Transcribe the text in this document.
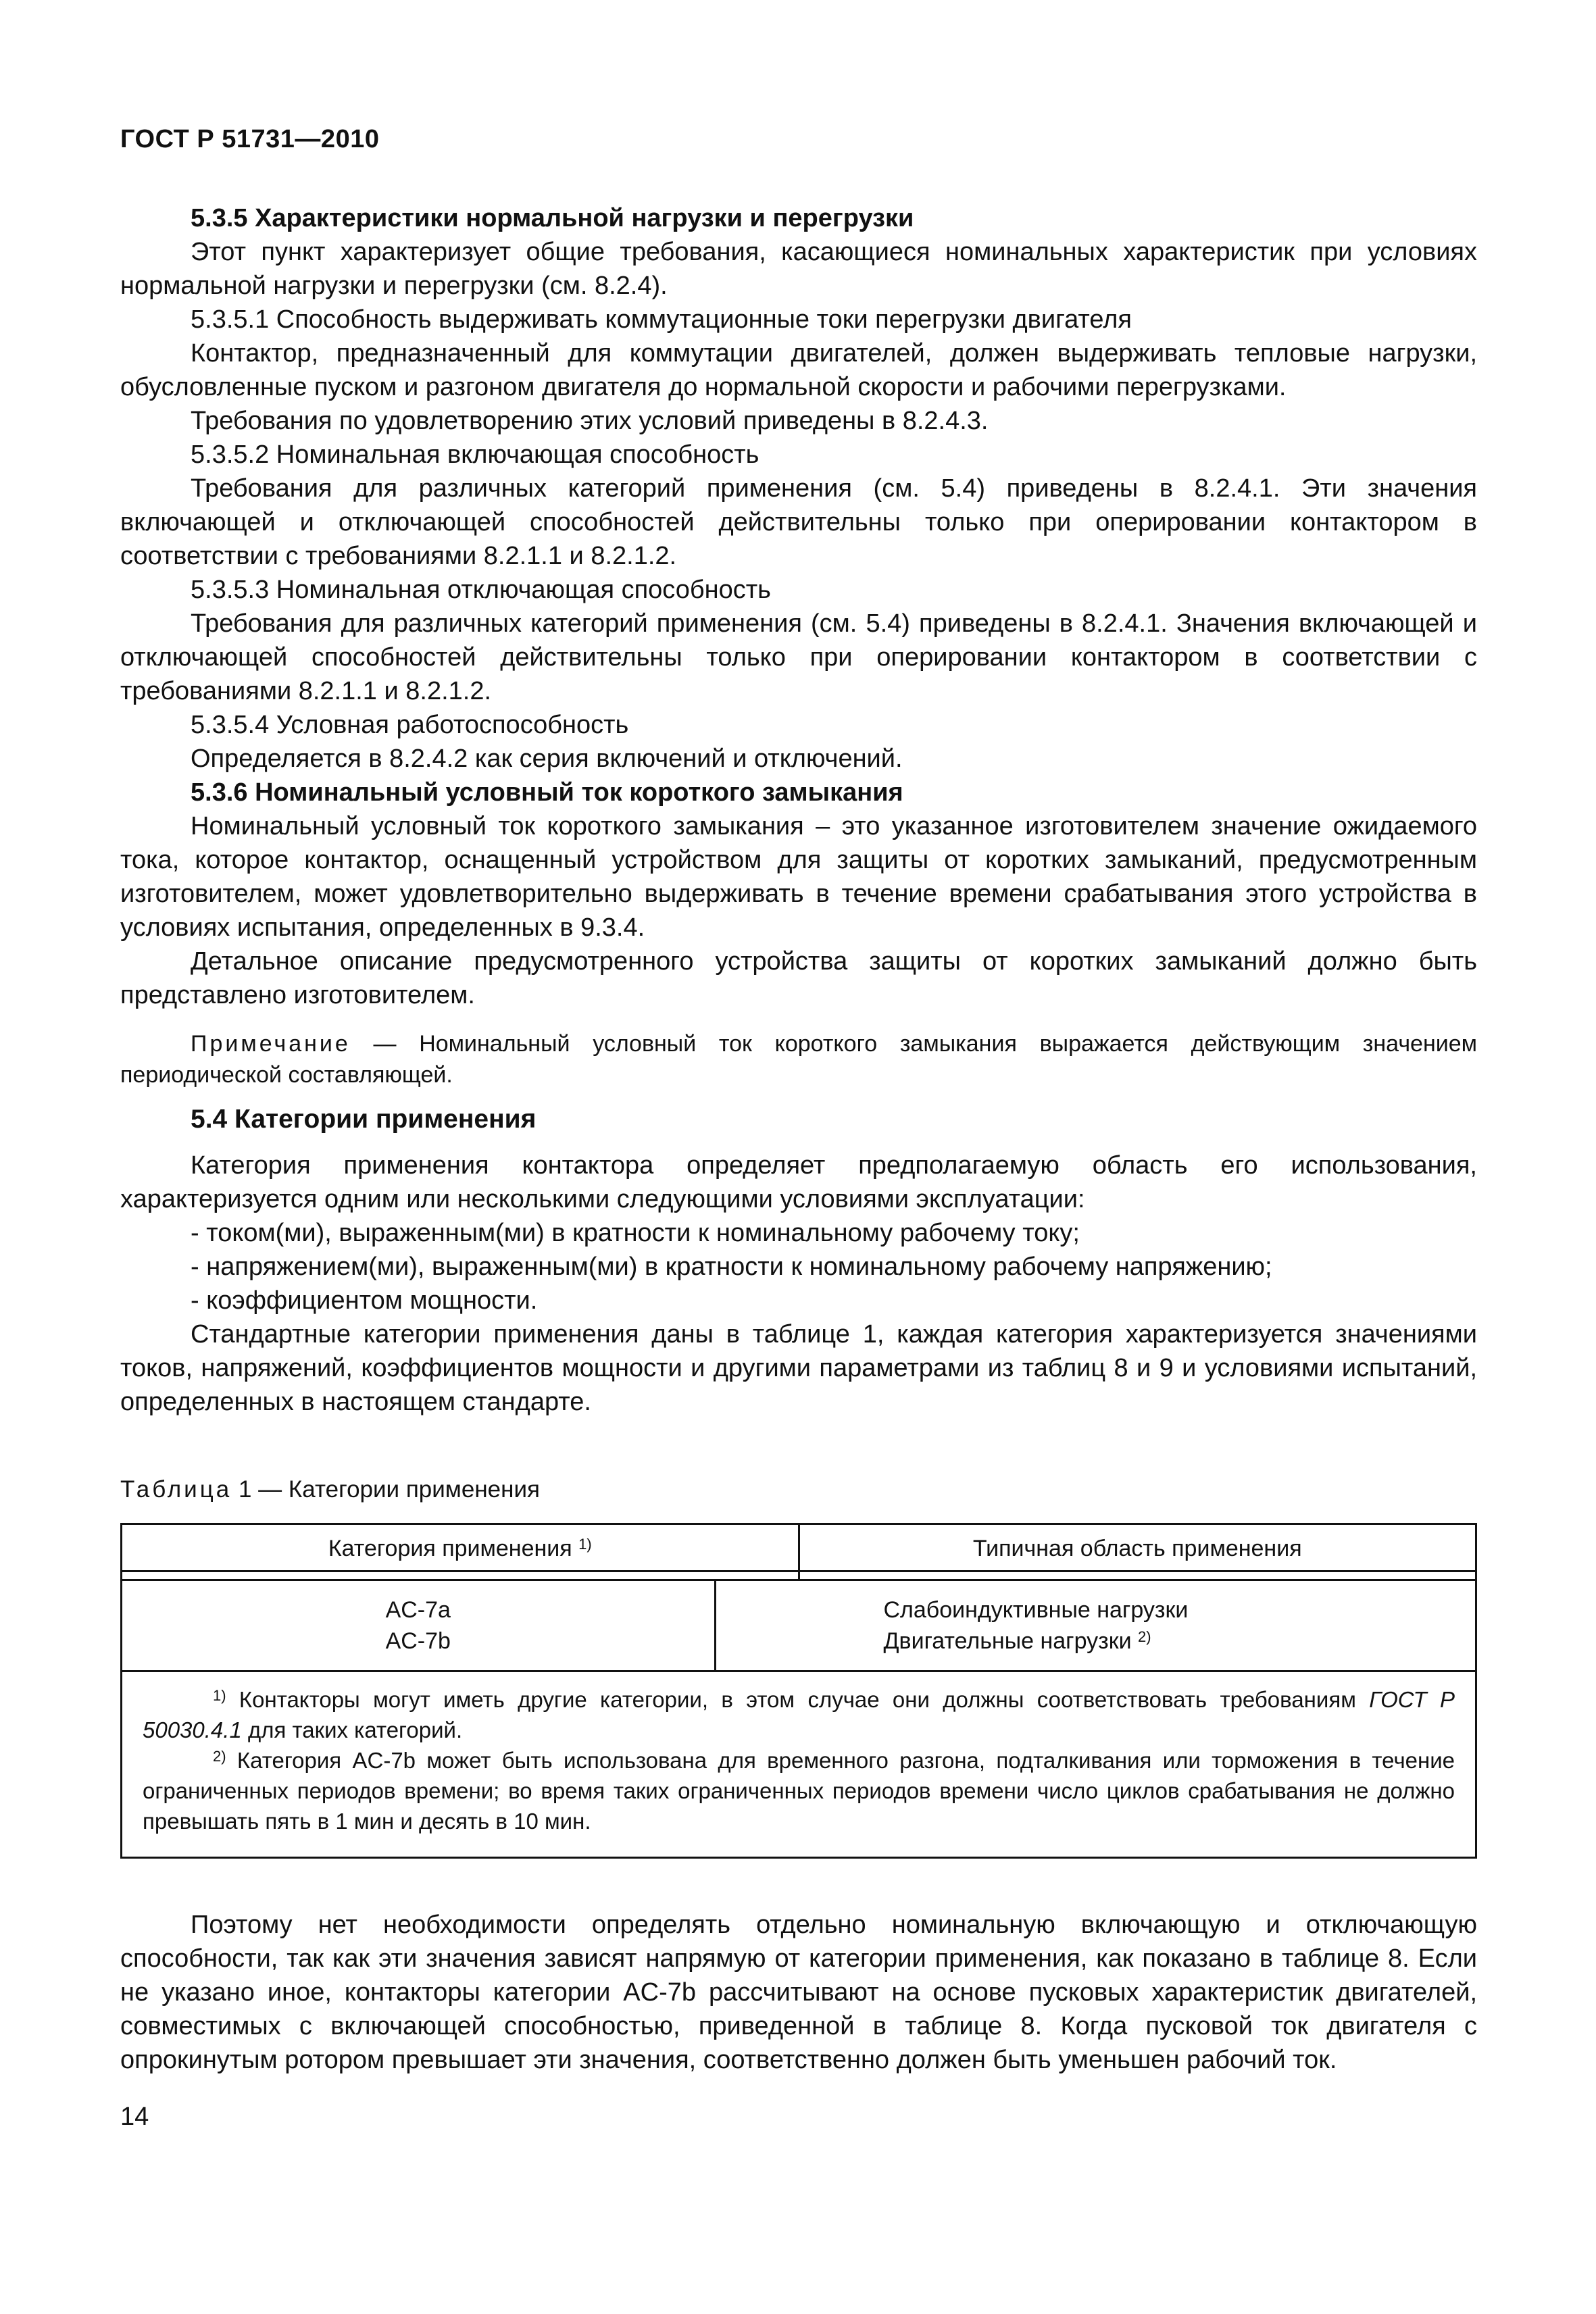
ГОСТ Р 51731—2010

5.3.5 Характеристики нормальной нагрузки и перегрузки

Этот пункт характеризует общие требования, касающиеся номинальных характеристик при условиях нормальной нагрузки и перегрузки (см. 8.2.4).

5.3.5.1 Способность выдерживать коммутационные токи перегрузки двигателя

Контактор, предназначенный для коммутации двигателей, должен выдерживать тепловые нагрузки, обусловленные пуском и разгоном двигателя до нормальной скорости и рабочими перегрузками.

Требования по удовлетворению этих условий приведены в 8.2.4.3.

5.3.5.2 Номинальная включающая способность

Требования для различных категорий применения (см. 5.4) приведены в 8.2.4.1. Эти значения включающей и отключающей способностей действительны только при оперировании контактором в соответствии с требованиями 8.2.1.1 и 8.2.1.2.

5.3.5.3 Номинальная отключающая способность

Требования для различных категорий применения (см. 5.4) приведены в 8.2.4.1. Значения включающей и отключающей способностей действительны только при оперировании контактором в соответствии с требованиями 8.2.1.1 и 8.2.1.2.

5.3.5.4 Условная работоспособность

Определяется в 8.2.4.2 как серия включений и отключений.

5.3.6 Номинальный условный ток короткого замыкания

Номинальный условный ток короткого замыкания – это указанное изготовителем значение ожидаемого тока, которое контактор, оснащенный устройством для защиты от коротких замыканий, предусмотренным изготовителем, может удовлетворительно выдерживать в течение времени срабатывания этого устройства в условиях испытания, определенных в 9.3.4.

Детальное описание предусмотренного устройства защиты от коротких замыканий должно быть представлено изготовителем.

Примечание — Номинальный условный ток короткого замыкания выражается действующим значением периодической составляющей.

5.4 Категории применения

Категория применения контактора определяет предполагаемую область его использования, характеризуется одним или несколькими следующими условиями эксплуатации:

- током(ми), выраженным(ми) в кратности к номинальному рабочему току;

- напряжением(ми), выраженным(ми) в кратности к номинальному рабочему напряжению;

- коэффициентом мощности.

Стандартные категории применения даны в таблице 1, каждая категория характеризуется значениями токов, напряжений, коэффициентов мощности и другими параметрами из таблиц 8 и 9 и условиями испытаний, определенных в настоящем стандарте.

Таблица 1 — Категории применения
Категория применения $^{1)}$	Типичная область применения
AC-7a
AC-7b
Слабоиндуктивные нагрузки
Двигательные нагрузки $^{2)}$

$^{1)}$ Контакторы могут иметь другие категории, в этом случае они должны соответствовать требованиям ГОСТ Р 50030.4.1 для таких категорий.

$^{2)}$ Категория AC-7b может быть использована для временного разгона, подталкивания или торможения в течение ограниченных периодов времени; во время таких ограниченных периодов времени число циклов срабатывания не должно превышать пять в 1 мин и десять в 10 мин.

Поэтому нет необходимости определять отдельно номинальную включающую и отключающую способности, так как эти значения зависят напрямую от категории применения, как показано в таблице 8. Если не указано иное, контакторы категории AC-7b рассчитывают на основе пусковых характеристик двигателей, совместимых с включающей способностью, приведенной в таблице 8. Когда пусковой ток двигателя с опрокинутым ротором превышает эти значения, соответственно должен быть уменьшен рабочий ток.

14
